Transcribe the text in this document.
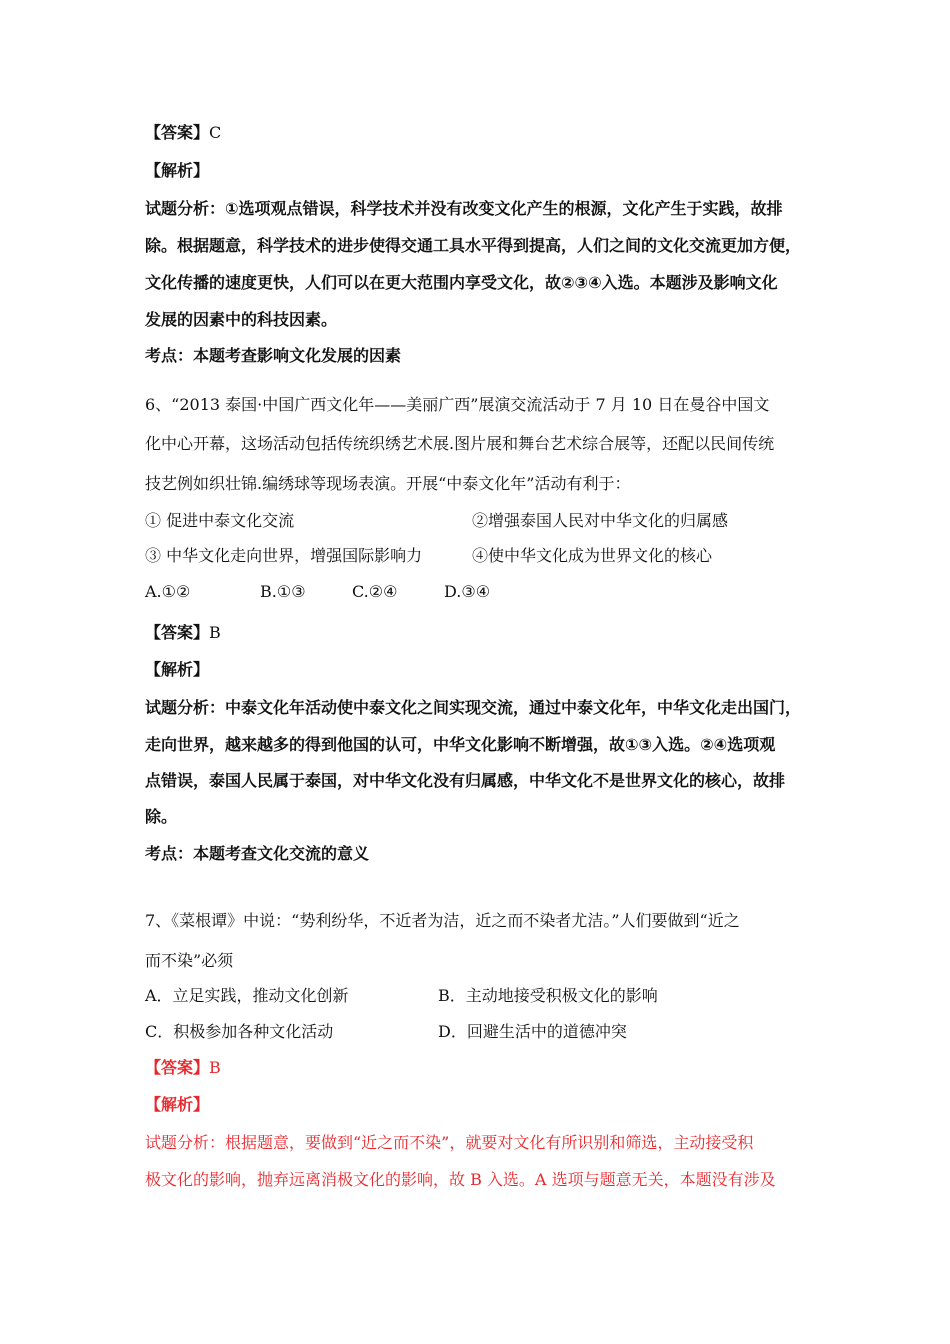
【答案】C
【解析】
试题分析：①选项观点错误，科学技术并没有改变文化产生的根源，文化产生于实践，故排
除。根据题意，科学技术的进步使得交通工具水平得到提高，人们之间的文化交流更加方便，
文化传播的速度更快，人们可以在更大范围内享受文化，故②③④入选。本题涉及影响文化
发展的因素中的科技因素。
考点：本题考查影响文化发展的因素
6、“2013 泰国·中国广西文化年——美丽广西”展演交流活动于 7 月 10 日在曼谷中国文
化中心开幕，这场活动包括传统织绣艺术展.图片展和舞台艺术综合展等，还配以民间传统
技艺例如织壮锦.编绣球等现场表演。开展“中泰文化年”活动有利于：
① 促进中泰文化交流	②增强泰国人民对中华文化的归属感
③ 中华文化走向世界，增强国际影响力	④使中华文化成为世界文化的核心
A.①②	B.①③	C.②④	D.③④
【答案】B
【解析】
试题分析：中泰文化年活动使中泰文化之间实现交流，通过中泰文化年，中华文化走出国门，
走向世界，越来越多的得到他国的认可，中华文化影响不断增强，故①③入选。②④选项观
点错误，泰国人民属于泰国，对中华文化没有归属感，中华文化不是世界文化的核心，故排
除。
考点：本题考查文化交流的意义
7、《菜根谭》中说：“势利纷华，不近者为洁，近之而不染者尤洁。”人们要做到“近之
而不染”必须
A．立足实践，推动文化创新	B．主动地接受积极文化的影响
C．积极参加各种文化活动	D．回避生活中的道德冲突
【答案】B
【解析】
试题分析：根据题意，要做到“近之而不染”，就要对文化有所识别和筛选，主动接受积
极文化的影响，抛弃远离消极文化的影响，故 B 入选。A 选项与题意无关，本题没有涉及
